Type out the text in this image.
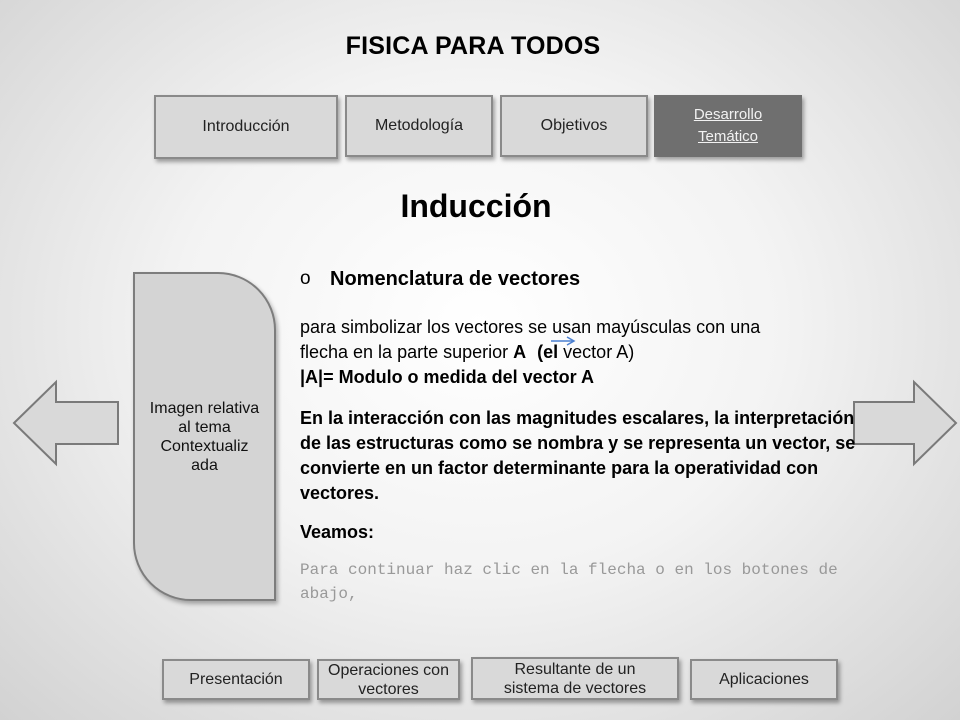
FISICA PARA TODOS
Introducción	Metodología	Objetivos
Desarrollo Temático
Inducción
Imagen relativa al tema Contextualiz ada
o Nomenclatura de vectores

para simbolizar los vectores se usan mayúsculas con una

flecha en la parte superior A (el vector A)

|A|= Modulo o medida del vector A

En la interacción con las magnitudes escalares, la interpretación de las estructuras como se nombra y se representa un vector, se convierte en un factor determinante para la operatividad con vectores.

Veamos:

Para continuar haz clic en la flecha o en los botones de abajo,
Presentación
Operaciones con vectores
Resultante de un sistema de vectores	Aplicaciones
